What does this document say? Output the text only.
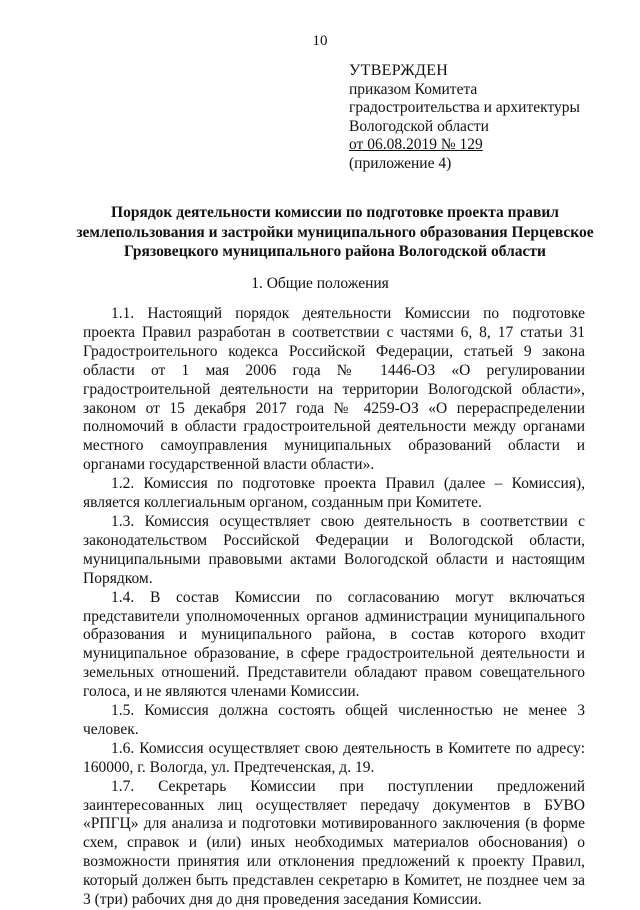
10
УТВЕРЖДЕН
приказом Комитета
градостроительства и архитектуры
Вологодской области
от 06.08.2019 № 129
(приложение 4)
Порядок деятельности комиссии по подготовке проекта правил землепользования и застройки муниципального образования Перцевское Грязовецкого муниципального района Вологодской области
1. Общие положения

1.1. Настоящий порядок деятельности Комиссии по подготовке проекта Правил разработан в соответствии с частями 6, 8, 17 статьи 31 Градостроительного кодекса Российской Федерации, статьей 9 закона области от 1 мая 2006 года № 1446-ОЗ «О регулировании градостроительной деятельности на территории Вологодской области», законом от 15 декабря 2017 года № 4259-ОЗ «О перераспределении полномочий в области градостроительной деятельности между органами местного самоуправления муниципальных образований области и органами государственной власти области».

1.2. Комиссия по подготовке проекта Правил (далее – Комиссия), является коллегиальным органом, созданным при Комитете.

1.3. Комиссия осуществляет свою деятельность в соответствии с законодательством Российской Федерации и Вологодской области, муниципальными правовыми актами Вологодской области и настоящим Порядком.

1.4. В состав Комиссии по согласованию могут включаться представители уполномоченных органов администрации муниципального образования и муниципального района, в состав которого входит муниципальное образование, в сфере градостроительной деятельности и земельных отношений. Представители обладают правом совещательного голоса, и не являются членами Комиссии.

1.5. Комиссия должна состоять общей численностью не менее 3 человек.

1.6. Комиссия осуществляет свою деятельность в Комитете по адресу: 160000, г. Вологда, ул. Предтеченская, д. 19.

1.7. Секретарь Комиссии при поступлении предложений заинтересованных лиц осуществляет передачу документов в БУВО «РПГЦ» для анализа и подготовки мотивированного заключения (в форме схем, справок и (или) иных необходимых материалов обоснования) о возможности принятия или отклонения предложений к проекту Правил, который должен быть представлен секретарю в Комитет, не позднее чем за 3 (три) рабочих дня до дня проведения заседания Комиссии.
